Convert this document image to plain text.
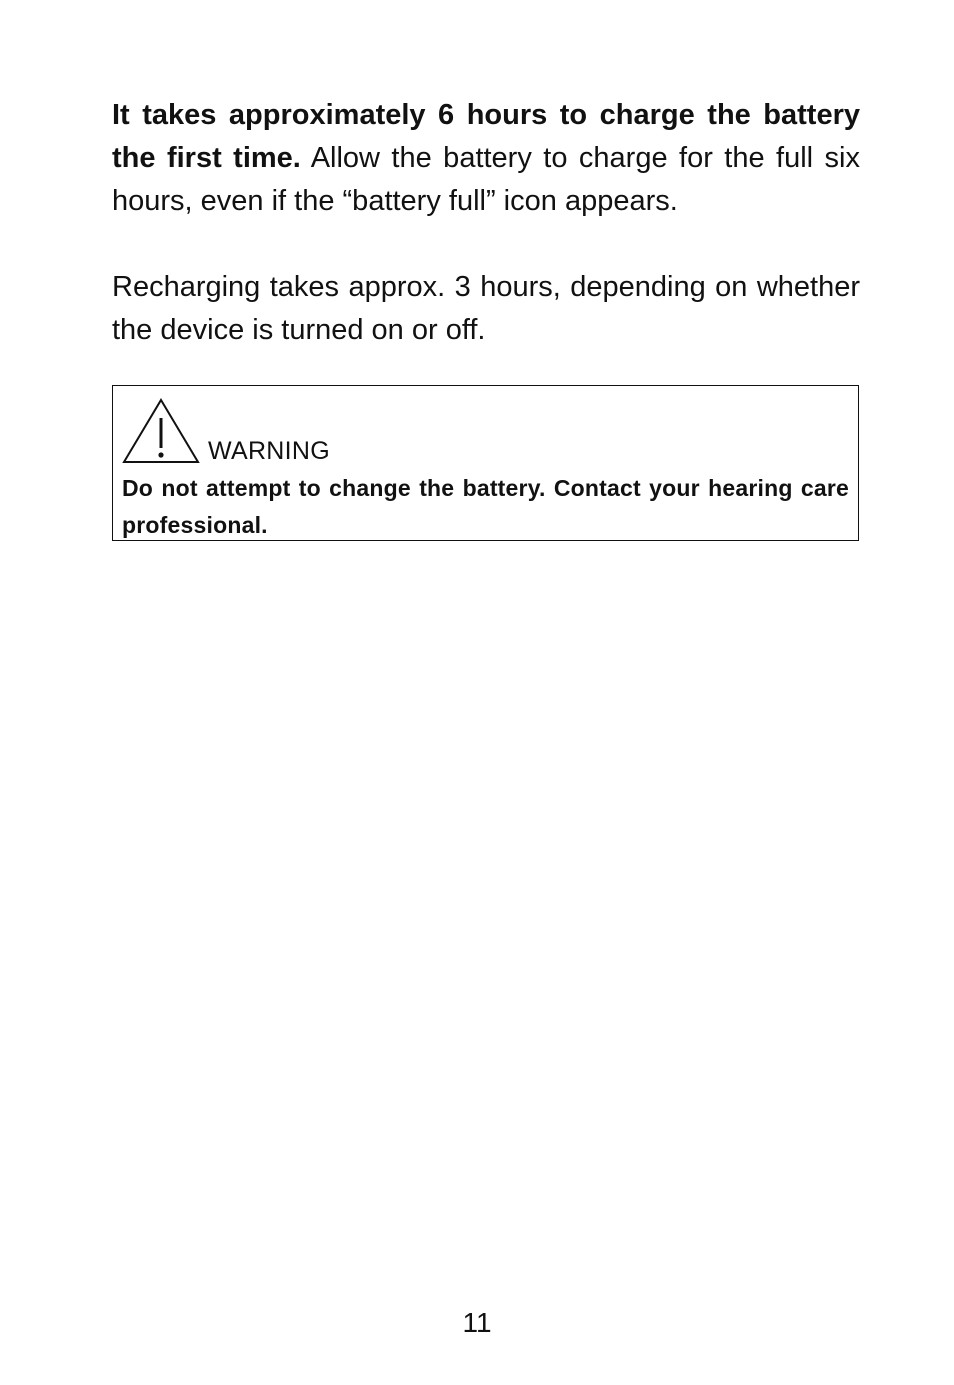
It takes approximately 6 hours to charge the battery the first time. Allow the battery to charge for the full six hours, even if the “battery full” icon appears.

Recharging takes approx. 3 hours, depending on whether the device is turned on or off.

WARNING

Do not attempt to change the battery. Contact your hearing care professional.

11
